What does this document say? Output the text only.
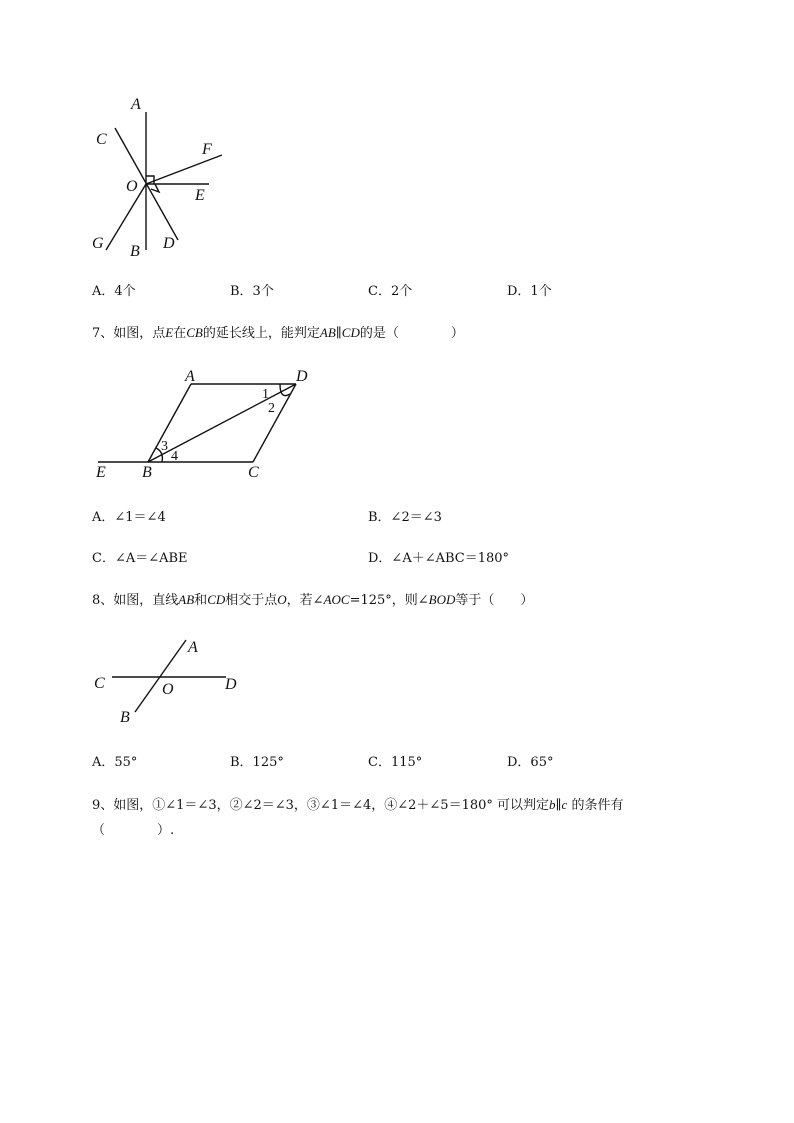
A
C
F
O
E
G B D
A．4个	B．3个	C．2个	D．1个
7、如图，点E在CB的延长线上，能判定AB∥CD的是（　　　　）
A	D
1
2
3
4
E B	C
A．∠1＝∠4	B．∠2＝∠3
C．∠A＝∠ABE	D．∠A＋∠ABC＝180°
8、如图，直线AB和CD相交于点O，若∠AOC=125°，则∠BOD等于（　　）
A
C	O	D
B
A．55°	B．125°	C．115°	D．65°
9、如图，①∠1＝∠3，②∠2＝∠3，③∠1＝∠4，④∠2＋∠5＝180° 可以判定b∥c 的条件有
（　　　　）.
